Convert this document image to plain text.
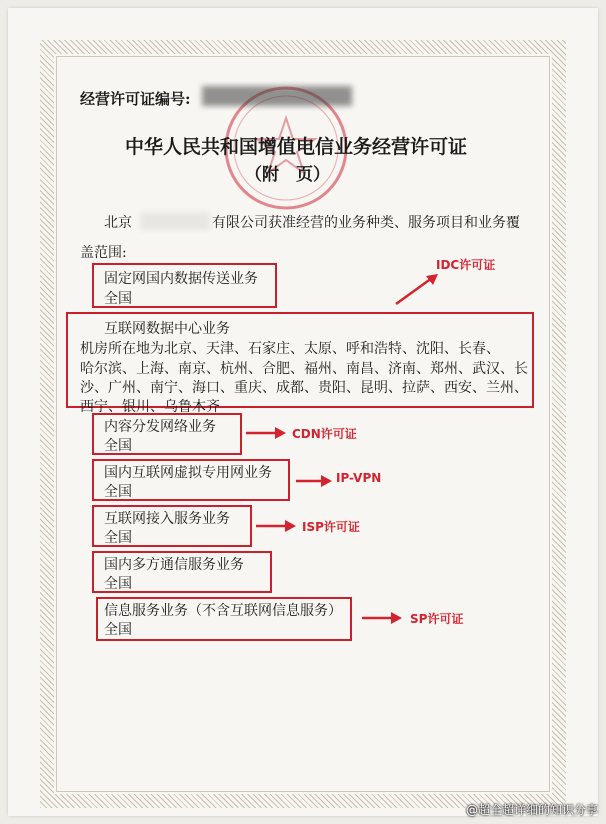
经营许可证编号:
中华人民共和国增值电信业务经营许可证
（附　页）
北京	有限公司获准经营的业务种类、服务项目和业务覆
盖范围:
固定网国内数据传送业务
全国
IDC许可证
互联网数据中心业务
机房所在地为北京、天津、石家庄、太原、呼和浩特、沈阳、长春、
哈尔滨、上海、南京、杭州、合肥、福州、南昌、济南、郑州、武汉、长
沙、广州、南宁、海口、重庆、成都、贵阳、昆明、拉萨、西安、兰州、
西宁、银川、乌鲁木齐
内容分发网络业务
全国
CDN许可证
国内互联网虚拟专用网业务
全国
IP-VPN
互联网接入服务业务
全国
ISP许可证
国内多方通信服务业务
全国
信息服务业务（不含互联网信息服务）
全国
SP许可证
@超全超详细的知识分享
